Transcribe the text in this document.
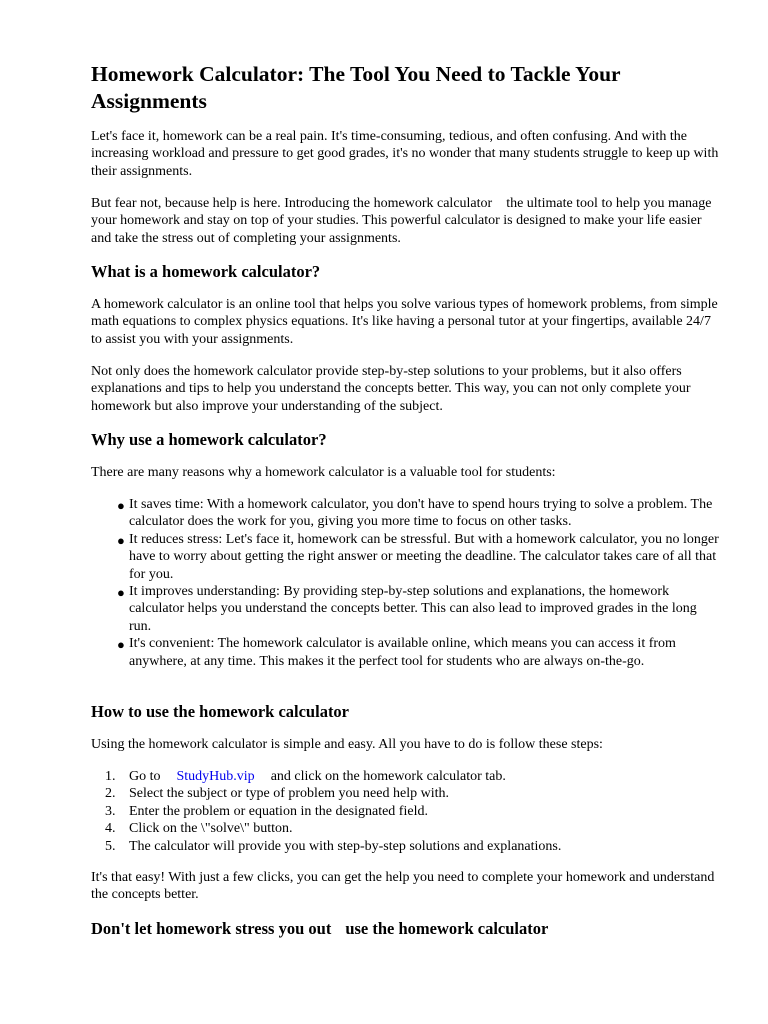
Homework Calculator: The Tool You Need to Tackle Your Assignments

Let's face it, homework can be a real pain. It's time-consuming, tedious, and often confusing. And with the increasing workload and pressure to get good grades, it's no wonder that many students struggle to keep up with their assignments.

But fear not, because help is here. Introducing the homework calculator the ultimate tool to help you manage your homework and stay on top of your studies. This powerful calculator is designed to make your life easier and take the stress out of completing your assignments.

What is a homework calculator?

A homework calculator is an online tool that helps you solve various types of homework problems, from simple math equations to complex physics equations. It's like having a personal tutor at your fingertips, available 24/7 to assist you with your assignments.

Not only does the homework calculator provide step-by-step solutions to your problems, but it also offers explanations and tips to help you understand the concepts better. This way, you can not only complete your homework but also improve your understanding of the subject.

Why use a homework calculator?

There are many reasons why a homework calculator is a valuable tool for students:

● It saves time: With a homework calculator, you don't have to spend hours trying to solve a problem. The calculator does the work for you, giving you more time to focus on other tasks.
● It reduces stress: Let's face it, homework can be stressful. But with a homework calculator, you no longer have to worry about getting the right answer or meeting the deadline. The calculator takes care of all that for you.
● It improves understanding: By providing step-by-step solutions and explanations, the homework calculator helps you understand the concepts better. This can also lead to improved grades in the long run.
● It's convenient: The homework calculator is available online, which means you can access it from anywhere, at any time. This makes it the perfect tool for students who are always on-the-go.
How to use the homework calculator

Using the homework calculator is simple and easy. All you have to do is follow these steps:

1. Go to StudyHub.vip and click on the homework calculator tab.
2. Select the subject or type of problem you need help with.
3. Enter the problem or equation in the designated field.
4. Click on the \"solve\" button.
5. The calculator will provide you with step-by-step solutions and explanations.

It's that easy! With just a few clicks, you can get the help you need to complete your homework and understand the concepts better.

Don't let homework stress you out use the homework calculator
